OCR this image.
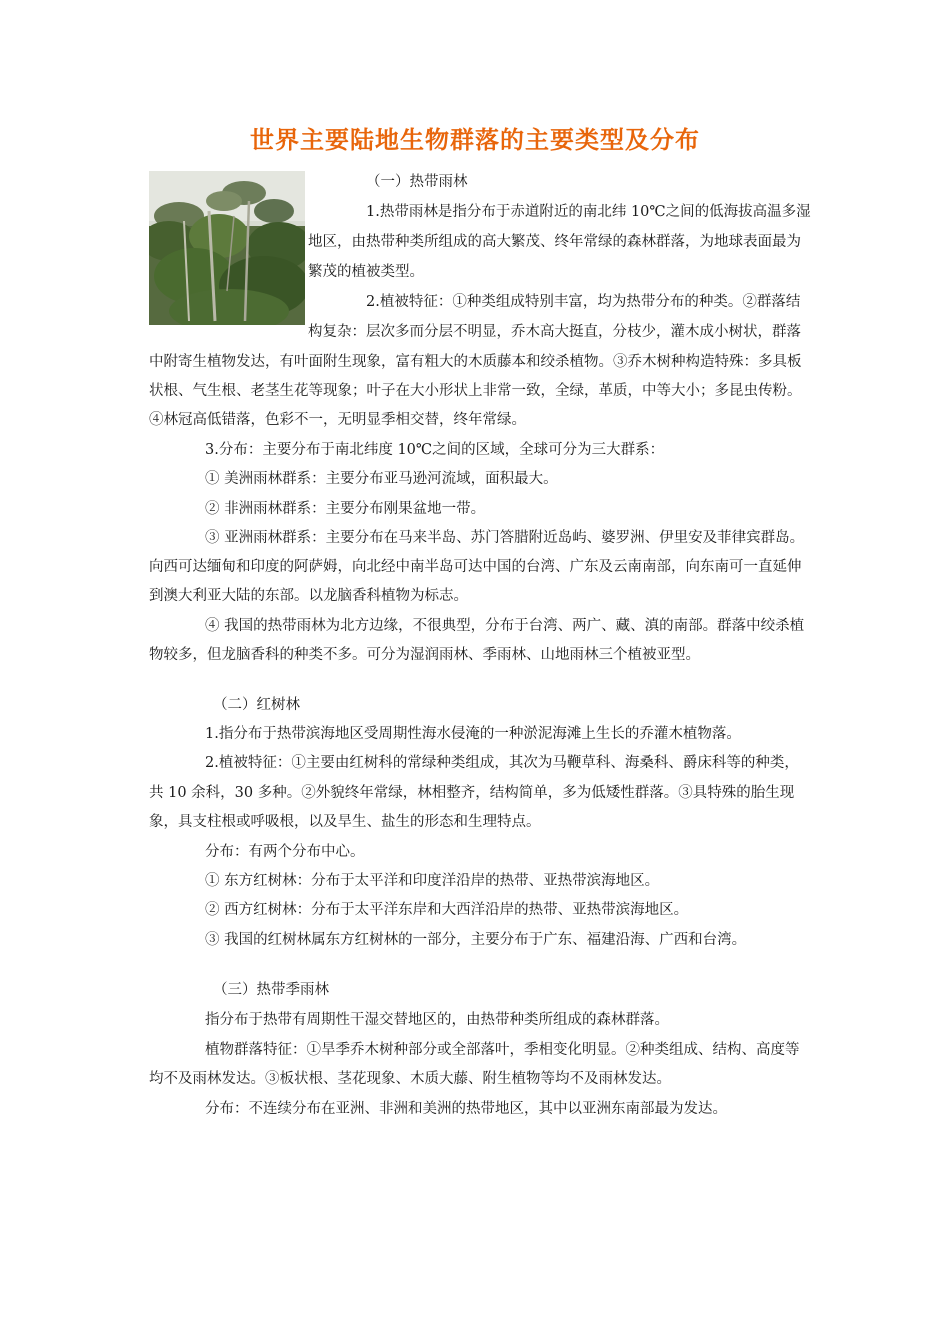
世界主要陆地生物群落的主要类型及分布
（一）热带雨林
1.热带雨林是指分布于赤道附近的南北纬 10℃之间的低海拔高温多湿
地区，由热带种类所组成的高大繁茂、终年常绿的森林群落，为地球表面最为
繁茂的植被类型。
2.植被特征：①种类组成特别丰富，均为热带分布的种类。②群落结
构复杂：层次多而分层不明显，乔木高大挺直，分枝少，灌木成小树状，群落
中附寄生植物发达，有叶面附生现象，富有粗大的木质藤本和绞杀植物。③乔木树种构造特殊：多具板
状根、气生根、老茎生花等现象；叶子在大小形状上非常一致，全绿，革质，中等大小；多昆虫传粉。
④林冠高低错落，色彩不一，无明显季相交替，终年常绿。
3.分布：主要分布于南北纬度 10℃之间的区域，全球可分为三大群系：
① 美洲雨林群系：主要分布亚马逊河流域，面积最大。
② 非洲雨林群系：主要分布刚果盆地一带。
③ 亚洲雨林群系：主要分布在马来半岛、苏门答腊附近岛屿、婆罗洲、伊里安及菲律宾群岛。
向西可达缅甸和印度的阿萨姆，向北经中南半岛可达中国的台湾、广东及云南南部，向东南可一直延伸
到澳大利亚大陆的东部。以龙脑香科植物为标志。
④ 我国的热带雨林为北方边缘，不很典型，分布于台湾、两广、藏、滇的南部。群落中绞杀植
物较多，但龙脑香科的种类不多。可分为湿润雨林、季雨林、山地雨林三个植被亚型。
（二）红树林
1.指分布于热带滨海地区受周期性海水侵淹的一种淤泥海滩上生长的乔灌木植物落。
2.植被特征：①主要由红树科的常绿种类组成，其次为马鞭草科、海桑科、爵床科等的种类，
共 10 余科，30 多种。②外貌终年常绿，林相整齐，结构简单，多为低矮性群落。③具特殊的胎生现
象，具支柱根或呼吸根，以及旱生、盐生的形态和生理特点。
分布：有两个分布中心。
① 东方红树林：分布于太平洋和印度洋沿岸的热带、亚热带滨海地区。
② 西方红树林：分布于太平洋东岸和大西洋沿岸的热带、亚热带滨海地区。
③ 我国的红树林属东方红树林的一部分，主要分布于广东、福建沿海、广西和台湾。
（三）热带季雨林
指分布于热带有周期性干湿交替地区的，由热带种类所组成的森林群落。
植物群落特征：①旱季乔木树种部分或全部落叶，季相变化明显。②种类组成、结构、高度等
均不及雨林发达。③板状根、茎花现象、木质大藤、附生植物等均不及雨林发达。
分布：不连续分布在亚洲、非洲和美洲的热带地区，其中以亚洲东南部最为发达。
